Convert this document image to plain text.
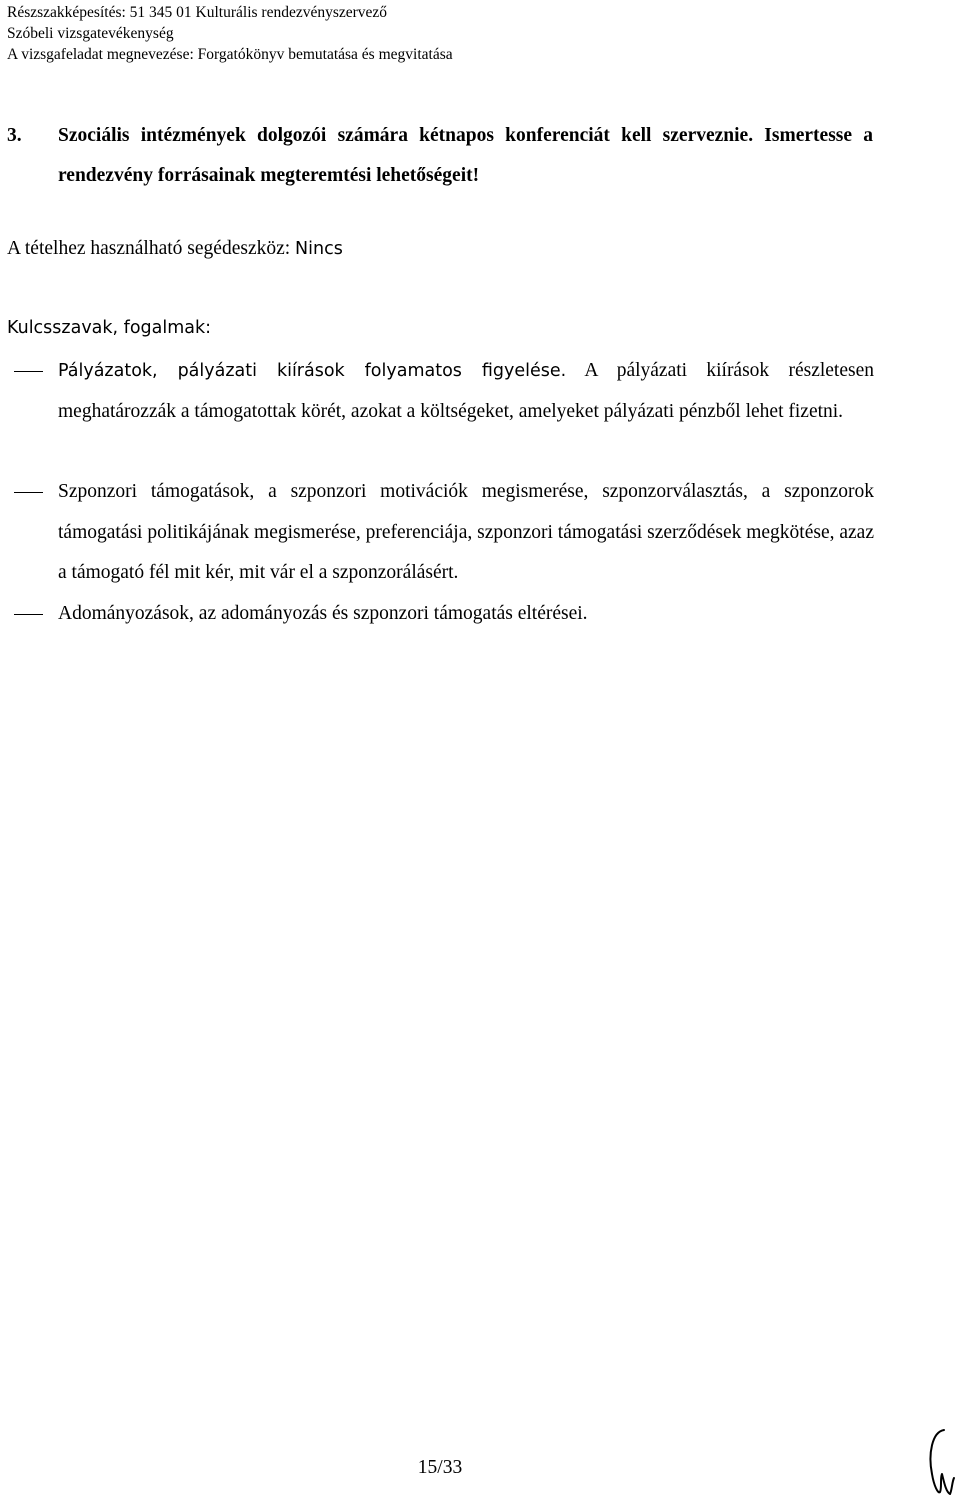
Részszakképesítés: 51 345 01 Kulturális rendezvényszervező
Szóbeli vizsgatevékenység
A vizsgafeladat megnevezése: Forgatókönyv bemutatása és megvitatása
3. Szociális intézmények dolgozói számára kétnapos konferenciát kell szerveznie. Ismertesse a rendezvény forrásainak megteremtési lehetőségeit!
A tételhez használható segédeszköz: Nincs
Kulcsszavak, fogalmak:
Pályázatok, pályázati kiírások folyamatos figyelése. A pályázati kiírások részletesen meghatározzák a támogatottak körét, azokat a költségeket, amelyeket pályázati pénzből lehet fizetni.
Szponzori támogatások, a szponzori motivációk megismerése, szponzorválasztás, a szponzorok támogatási politikájának megismerése, preferenciája, szponzori támogatási szerződések megkötése, azaz a támogató fél mit kér, mit vár el a szponzorálásért.
Adományozások, az adományozás és szponzori támogatás eltérései.
15/33
